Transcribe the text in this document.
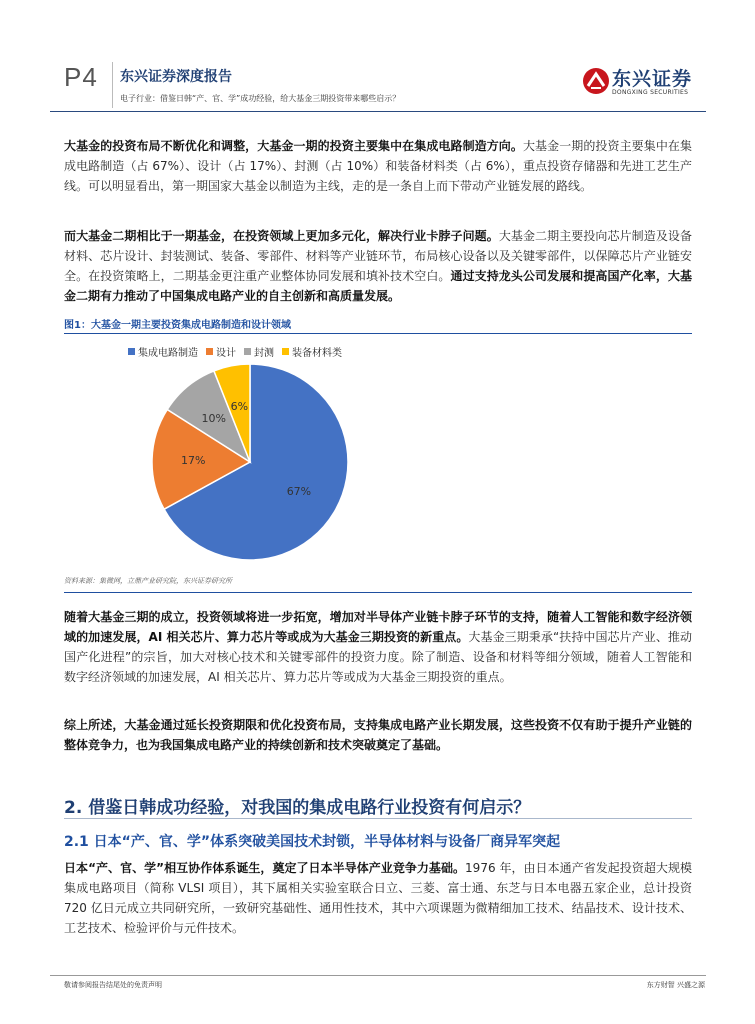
P4 东兴证券深度报告
电子行业：借鉴日韩“产、官、学”成功经验，给大基金三期投资带来哪些启示？
东兴证券
DONGXING SECURITIES

大基金的投资布局不断优化和调整，大基金一期的投资主要集中在集成电路制造方向。大基金一期的投资主要集中在集成电路制造（占 67%）、设计（占 17%）、封测（占 10%）和装备材料类（占 6%），重点投资存储器和先进工艺生产线。可以明显看出，第一期国家大基金以制造为主线，走的是一条自上而下带动产业链发展的路线。

而大基金二期相比于一期基金，在投资领域上更加多元化，解决行业卡脖子问题。大基金二期主要投向芯片制造及设备材料、芯片设计、封装测试、装备、零部件、材料等产业链环节，布局核心设备以及关键零部件，以保障芯片产业链安全。在投资策略上，二期基金更注重产业整体协同发展和填补技术空白。通过支持龙头公司发展和提高国产化率，大基金二期有力推动了中国集成电路产业的自主创新和高质量发展。

图1：大基金一期主要投资集成电路制造和设计领域
集成电路制造 设计 封测 装备材料类
67%
17%
10%
6%
资料来源：集微网，立鼎产业研究院，东兴证券研究所

随着大基金三期的成立，投资领域将进一步拓宽，增加对半导体产业链卡脖子环节的支持，随着人工智能和数字经济领域的加速发展，AI 相关芯片、算力芯片等或成为大基金三期投资的新重点。大基金三期秉承“扶持中国芯片产业、推动国产化进程”的宗旨，加大对核心技术和关键零部件的投资力度。除了制造、设备和材料等细分领域，随着人工智能和数字经济领域的加速发展，AI 相关芯片、算力芯片等或成为大基金三期投资的重点。

综上所述，大基金通过延长投资期限和优化投资布局，支持集成电路产业长期发展，这些投资不仅有助于提升产业链的整体竞争力，也为我国集成电路产业的持续创新和技术突破奠定了基础。

2. 借鉴日韩成功经验，对我国的集成电路行业投资有何启示？
2.1 日本“产、官、学”体系突破美国技术封锁，半导体材料与设备厂商异军突起

日本“产、官、学”相互协作体系诞生，奠定了日本半导体产业竞争力基础。1976 年，由日本通产省发起投资超大规模集成电路项目（简称 VLSI 项目），其下属相关实验室联合日立、三菱、富士通、东芝与日本电器五家企业，总计投资 720 亿日元成立共同研究所，一致研究基础性、通用性技术，其中六项课题为微精细加工技术、结晶技术、设计技术、工艺技术、检验评价与元件技术。

敬请参阅报告结尾处的免责声明	东方财智 兴盛之源
